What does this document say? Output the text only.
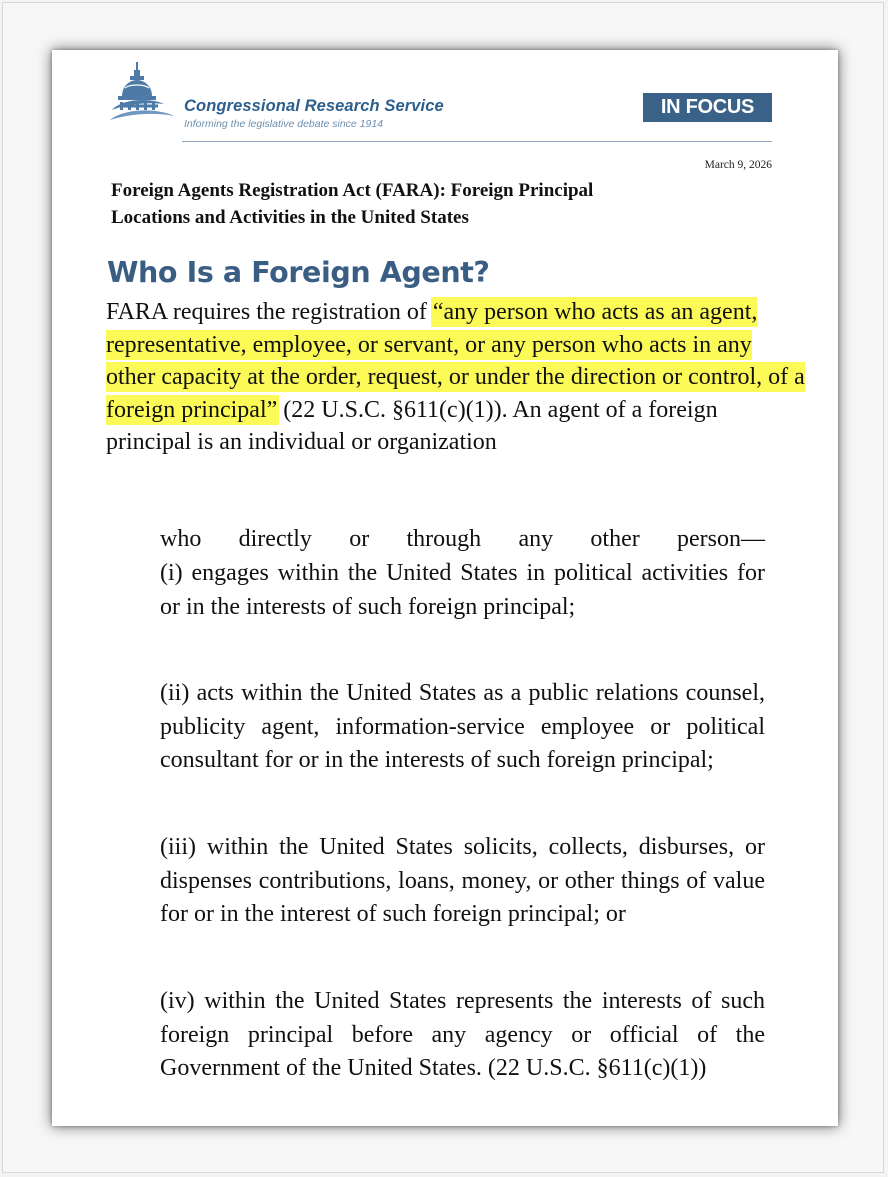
Congressional Research Service
Informing the legislative debate since 1914
IN FOCUS
March 9, 2026
Foreign Agents Registration Act (FARA): Foreign Principal
Locations and Activities in the United States
Who Is a Foreign Agent?
FARA requires the registration of “any person who acts as an agent, representative, employee, or servant, or any person who acts in any other capacity at the order, request, or under the direction or control, of a foreign principal” (22 U.S.C. §611(c)(1)). An agent of a foreign principal is an individual or organization
who directly or through any other person—
(i) engages within the United States in political activities for or in the interests of such foreign principal;
(ii) acts within the United States as a public relations counsel, publicity agent, information-service employee or political consultant for or in the interests of such foreign principal;
(iii) within the United States solicits, collects, disburses, or dispenses contributions, loans, money, or other things of value for or in the interest of such foreign principal; or
(iv) within the United States represents the interests of such foreign principal before any agency or official of the Government of the United States. (22 U.S.C. §611(c)(1))
